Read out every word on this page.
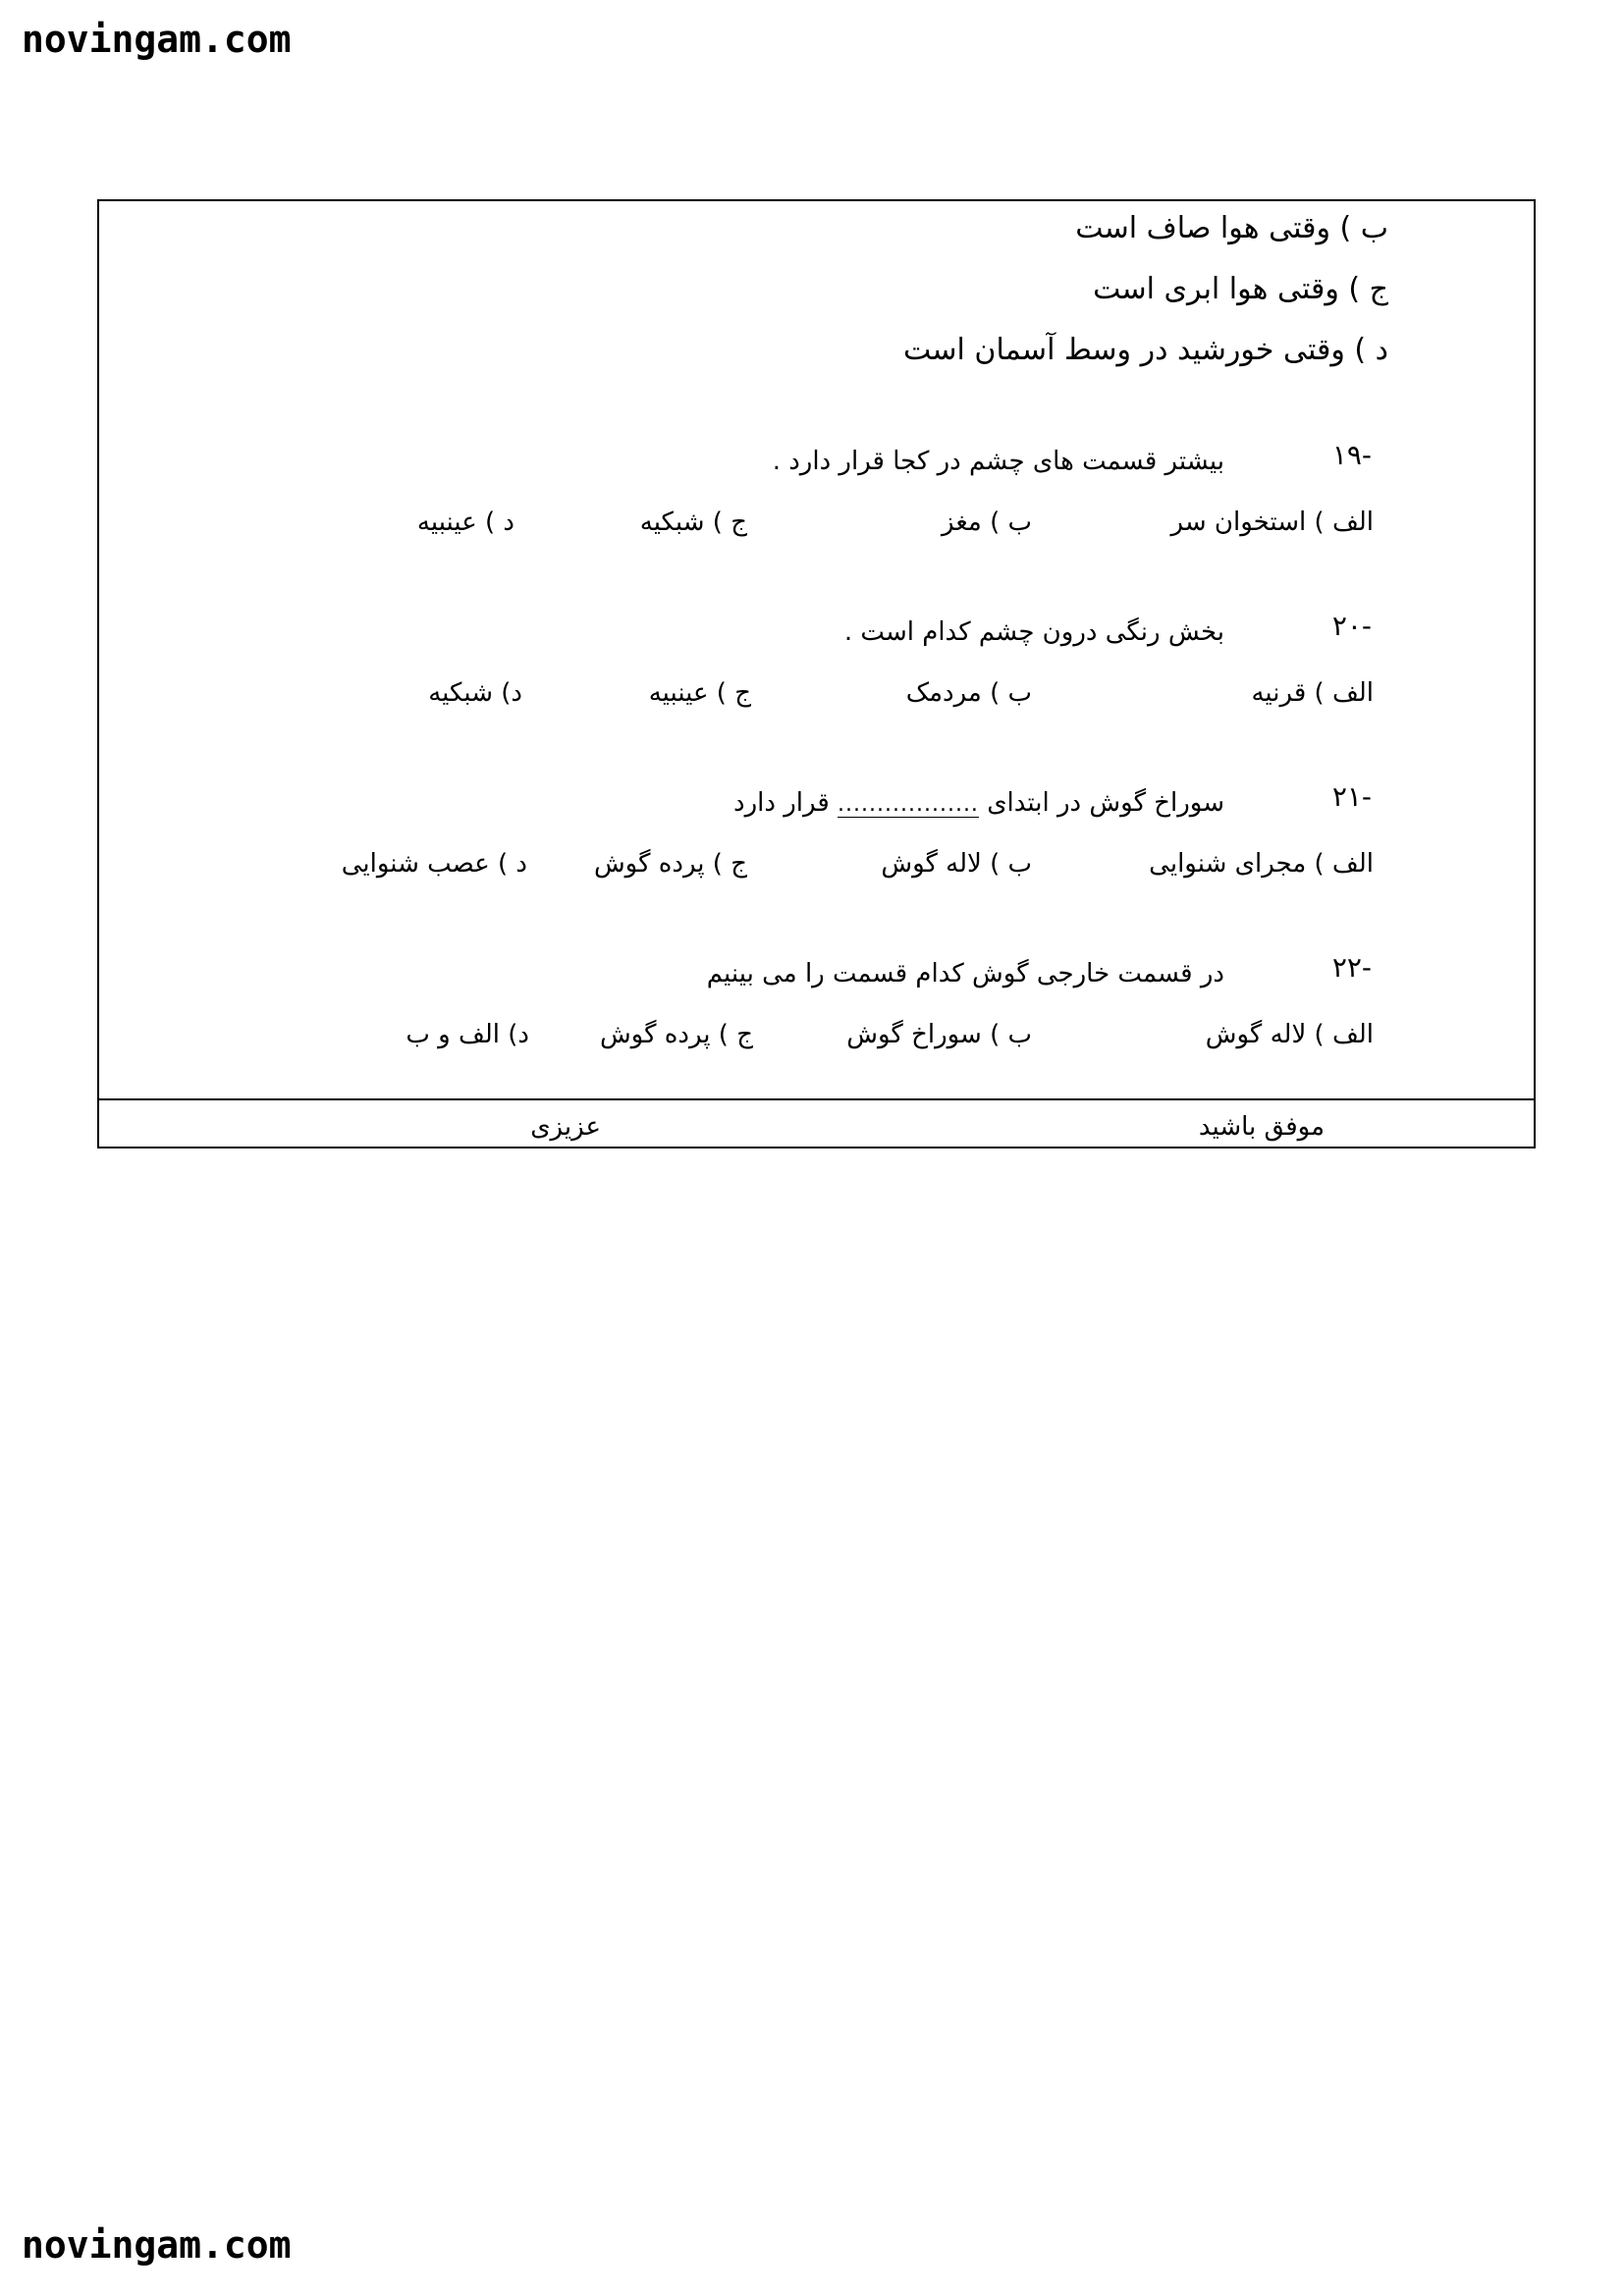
novingam.com
ب ) وقتی هوا صاف است
ج ) وقتی هوا ابری است
د ) وقتی خورشید در وسط آسمان است
۱۹-
بیشتر قسمت های چشم در کجا قرار دارد .
الف ) استخوان سر
ب ) مغز
ج ) شبکیه
د ) عینبیه
۲۰-
بخش رنگی درون چشم کدام است .
الف ) قرنیه
ب ) مردمک
ج ) عینبیه
د) شبکیه
۲۱-
سوراخ گوش در ابتدای .................. قرار دارد
الف ) مجرای شنوایی
ب ) لاله گوش
ج ) پرده گوش
د ) عصب شنوایی
۲۲-
در قسمت خارجی گوش کدام قسمت را می بینیم
الف ) لاله گوش
ب ) سوراخ گوش
ج ) پرده گوش
د) الف و ب
موفق باشید
عزیزی
novingam.com
